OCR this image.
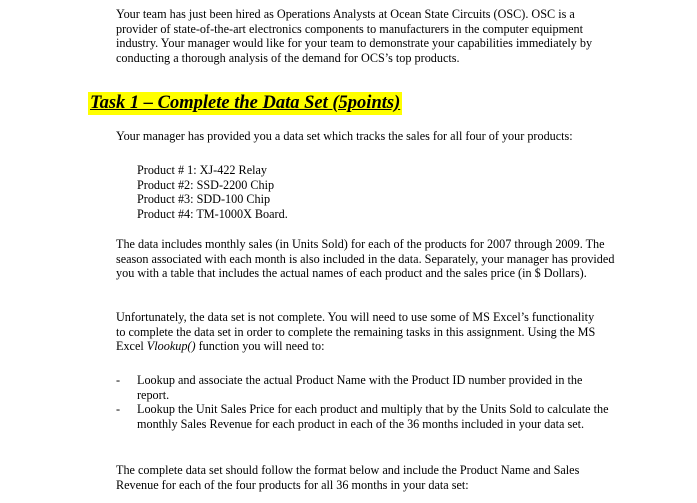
Your team has just been hired as Operations Analysts at Ocean State Circuits (OSC). OSC is a provider of state-of-the-art electronics components to manufacturers in the computer equipment industry. Your manager would like for your team to demonstrate your capabilities immediately by conducting a thorough analysis of the demand for OCS’s top products.

Task 1 – Complete the Data Set (5points)

Your manager has provided you a data set which tracks the sales for all four of your products:

Product # 1: XJ-422 Relay
Product #2: SSD-2200 Chip
Product #3: SDD-100 Chip
Product #4: TM-1000X Board.

The data includes monthly sales (in Units Sold) for each of the products for 2007 through 2009. The season associated with each month is also included in the data. Separately, your manager has provided you with a table that includes the actual names of each product and the sales price (in $ Dollars).

Unfortunately, the data set is not complete. You will need to use some of MS Excel’s functionality to complete the data set in order to complete the remaining tasks in this assignment. Using the MS Excel Vlookup() function you will need to:

- Lookup and associate the actual Product Name with the Product ID number provided in the report.
- Lookup the Unit Sales Price for each product and multiply that by the Units Sold to calculate the monthly Sales Revenue for each product in each of the 36 months included in your data set.

The complete data set should follow the format below and include the Product Name and Sales Revenue for each of the four products for all 36 months in your data set:
